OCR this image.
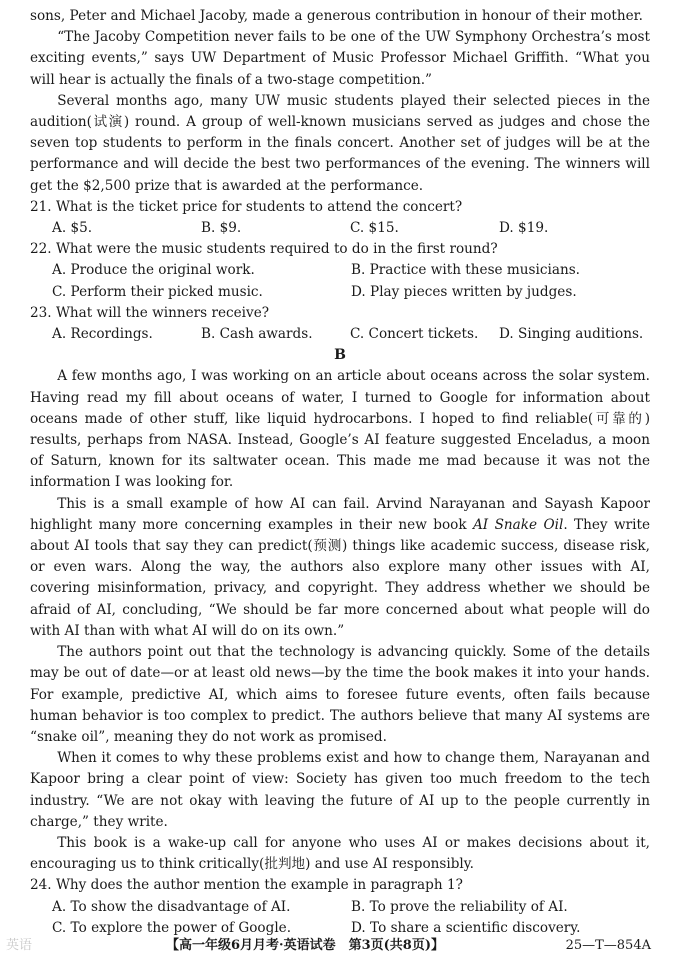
sons, Peter and Michael Jacoby, made a generous contribution in honour of their mother.

“The Jacoby Competition never fails to be one of the UW Symphony Orchestra’s most exciting events,” says UW Department of Music Professor Michael Griffith. “What you will hear is actually the finals of a two-stage competition.”

Several months ago, many UW music students played their selected pieces in the audition(试演) round. A group of well-known musicians served as judges and chose the seven top students to perform in the finals concert. Another set of judges will be at the performance and will decide the best two performances of the evening. The winners will get the $2,500 prize that is awarded at the performance.

21. What is the ticket price for students to attend the concert?

A. $5.	B. $9.	C. $15.	D. $19.

22. What were the music students required to do in the first round?

A. Produce the original work.	B. Practice with these musicians.
C. Perform their picked music.	D. Play pieces written by judges.

23. What will the winners receive?

A. Recordings.	B. Cash awards.	C. Concert tickets.	D. Singing auditions.

B

A few months ago, I was working on an article about oceans across the solar system. Having read my fill about oceans of water, I turned to Google for information about oceans made of other stuff, like liquid hydrocarbons. I hoped to find reliable(可靠的) results, perhaps from NASA. Instead, Google’s AI feature suggested Enceladus, a moon of Saturn, known for its saltwater ocean. This made me mad because it was not the information I was looking for.

This is a small example of how AI can fail. Arvind Narayanan and Sayash Kapoor highlight many more concerning examples in their new book AI Snake Oil. They write about AI tools that say they can predict(预测) things like academic success, disease risk, or even wars. Along the way, the authors also explore many other issues with AI, covering misinformation, privacy, and copyright. They address whether we should be afraid of AI, concluding, “We should be far more concerned about what people will do with AI than with what AI will do on its own.”

The authors point out that the technology is advancing quickly. Some of the details may be out of date—or at least old news—by the time the book makes it into your hands. For example, predictive AI, which aims to foresee future events, often fails because human behavior is too complex to predict. The authors believe that many AI systems are “snake oil”, meaning they do not work as promised.

When it comes to why these problems exist and how to change them, Narayanan and Kapoor bring a clear point of view: Society has given too much freedom to the tech industry. “We are not okay with leaving the future of AI up to the people currently in charge,” they write.

This book is a wake-up call for anyone who uses AI or makes decisions about it, encouraging us to think critically(批判地) and use AI responsibly.

24. Why does the author mention the example in paragraph 1?

A. To show the disadvantage of AI.	B. To prove the reliability of AI.
C. To explore the power of Google.	D. To share a scientific discovery.
英语	【高一年级6月月考·英语试卷　第3页(共8页)】	25—T—854A
